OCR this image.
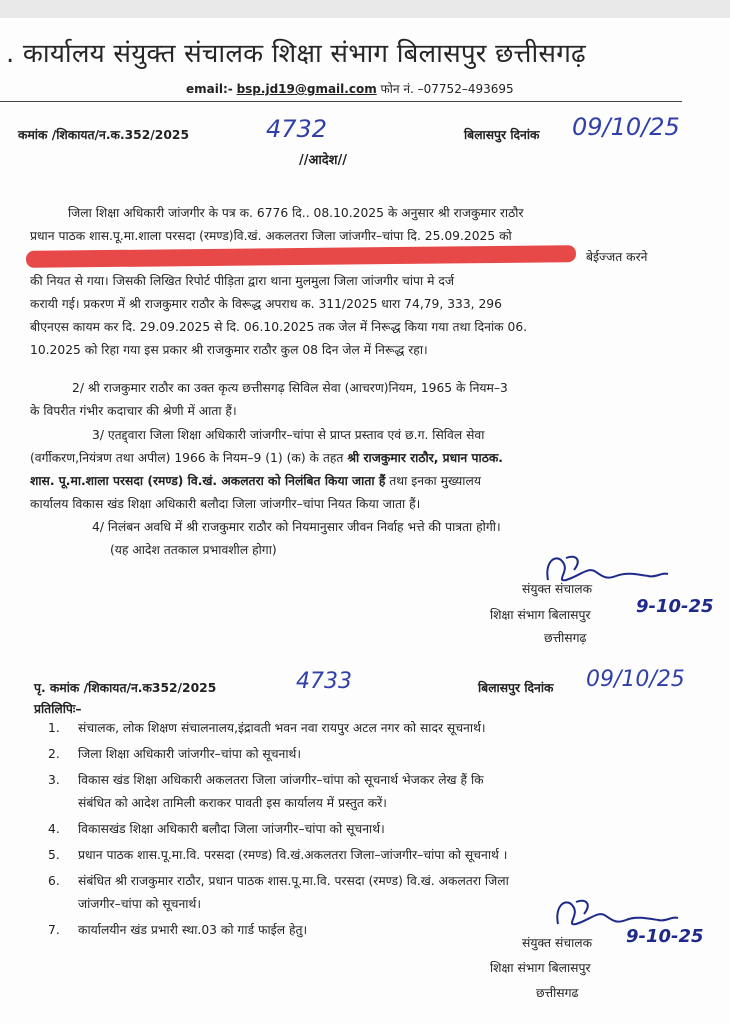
. कार्यालय संयुक्त संचालक शिक्षा संभाग बिलासपुर छत्तीसगढ़
email:- bsp.jd19@gmail.com फोन नं. –07752–493695
कमांक /शिकायत/न.क.352/2025	4732	बिलासपुर दिनांक 09/10/25
//आदेश//
जिला शिक्षा अधिकारी जांजगीर के पत्र क. 6776 दि.. 08.10.2025 के अनुसार श्री राजकुमार राठौर
प्रधान पाठक शास.पू.मा.शाला परसदा (रमण्ड)वि.खं. अकलतरा जिला जांजगीर–चांपा दि. 25.09.2025 को
बेईज्जत करने
की नियत से गया। जिसकी लिखित रिपोर्ट पीड़िता द्वारा थाना मुलमुला जिला जांजगीर चांपा मे दर्ज
करायी गई। प्रकरण में श्री राजकुमार राठौर के विरूद्ध अपराध क. 311/2025 धारा 74,79, 333, 296
बीएनएस कायम कर दि. 29.09.2025 से दि. 06.10.2025 तक जेल में निरूद्ध किया गया तथा दिनांक 06.
10.2025 को रिहा गया इस प्रकार श्री राजकुमार राठौर कुल 08 दिन जेल में निरूद्ध रहा।
2/ श्री राजकुमार राठौर का उक्त कृत्य छत्तीसगढ़ सिविल सेवा (आचरण)नियम, 1965 के नियम–3
के विपरीत गंभीर कदाचार की श्रेणी में आता हैं।
3/ एतद्द्वारा जिला शिक्षा अधिकारी जांजगीर–चांपा से प्राप्त प्रस्ताव एवं छ.ग. सिविल सेवा
(वर्गीकरण,नियंत्रण तथा अपील) 1966 के नियम–9 (1) (क) के तहत श्री राजकुमार राठौर, प्रधान पाठक.
शास. पू.मा.शाला परसदा (रमण्ड) वि.खं. अकलतरा को निलंबित किया जाता हैं तथा इनका मुख्यालय
कार्यालय विकास खंड शिक्षा अधिकारी बलौदा जिला जांजगीर–चांपा नियत किया जाता हैं।
4/ निलंबन अवधि में श्री राजकुमार राठौर को नियमानुसार जीवन निर्वाह भत्ते की पात्रता होगी।
(यह आदेश ततकाल प्रभावशील होगा)
संयुक्त संचालक
शिक्षा संभाग बिलासपुर	9-10-25
छत्तीसगढ़
पृ. कमांक /शिकायत/न.क352/2025	4733	बिलासपुर दिनांक 09/10/25
प्रतिलिपिः–
1. संचालक, लोक शिक्षण संचालनालय,इंद्रावती भवन नवा रायपुर अटल नगर को सादर सूचनार्थ।
2. जिला शिक्षा अधिकारी जांजगीर–चांपा को सूचनार्थ।
3. विकास खंड शिक्षा अधिकारी अकलतरा जिला जांजगीर–चांपा को सूचनार्थ भेजकर लेख हैं कि
संबंधित को आदेश तामिली कराकर पावती इस कार्यालय में प्रस्तुत करें।
4. विकासखंड शिक्षा अधिकारी बलौदा जिला जांजगीर–चांपा को सूचनार्थ।
5. प्रधान पाठक शास.पू.मा.वि. परसदा (रमण्ड) वि.खं.अकलतरा जिला–जांजगीर–चांपा को सूचनार्थ ।
6. संबंधित श्री राजकुमार राठौर, प्रधान पाठक शास.पू.मा.वि. परसदा (रमण्ड) वि.खं. अकलतरा जिला
जांजगीर–चांपा को सूचनार्थ।
7. कार्यालयीन खंड प्रभारी स्था.03 को गार्ड फाईल हेतु।
संयुक्त संचालक 9-10-25
शिक्षा संभाग बिलासपुर
छत्तीसगढ
